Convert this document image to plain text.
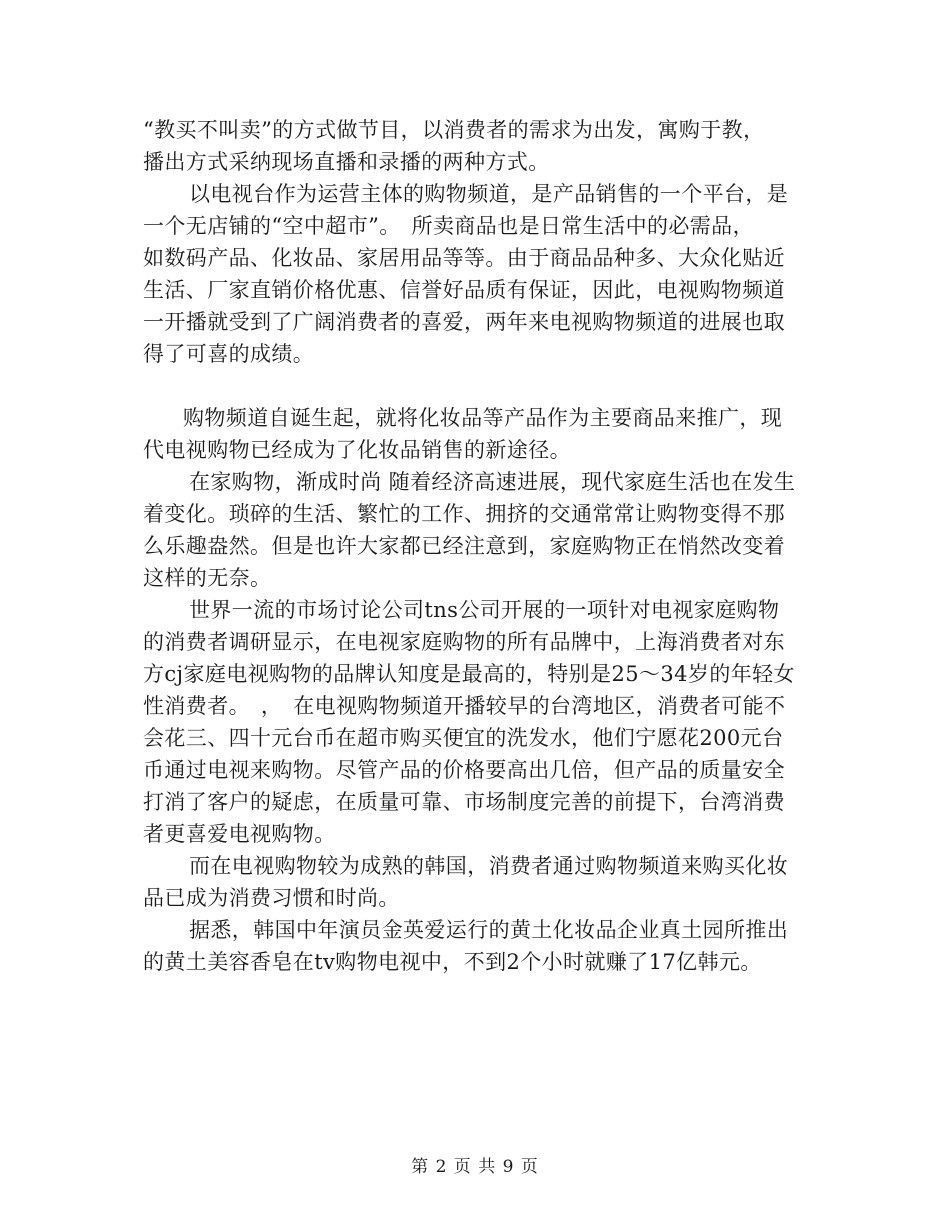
“教买不叫卖”的方式做节目，以消费者的需求为出发，寓购于教，
播出方式采纳现场直播和录播的两种方式。
以电视台作为运营主体的购物频道，是产品销售的一个平台，是
一个无店铺的“空中超市”。　所卖商品也是日常生活中的必需品，
如数码产品、化妆品、家居用品等等。由于商品品种多、大众化贴近
生活、厂家直销价格优惠、信誉好品质有保证，因此，电视购物频道
一开播就受到了广阔消费者的喜爱，两年来电视购物频道的进展也取
得了可喜的成绩。
购物频道自诞生起，就将化妆品等产品作为主要商品来推广，现
代电视购物已经成为了化妆品销售的新途径。
在家购物，渐成时尚 随着经济高速进展，现代家庭生活也在发生
着变化。琐碎的生活、繁忙的工作、拥挤的交通常常让购物变得不那
么乐趣盎然。但是也许大家都已经注意到，家庭购物正在悄然改变着
这样的无奈。
世界一流的市场讨论公司tns公司开展的一项针对电视家庭购物
的消费者调研显示，在电视家庭购物的所有品牌中，上海消费者对东
方cj家庭电视购物的品牌认知度是最高的，特别是25～34岁的年轻女
性消费者。　，　在电视购物频道开播较早的台湾地区，消费者可能不
会花三、四十元台币在超市购买便宜的洗发水，他们宁愿花200元台
币通过电视来购物。尽管产品的价格要高出几倍，但产品的质量安全
打消了客户的疑虑，在质量可靠、市场制度完善的前提下，台湾消费
者更喜爱电视购物。
而在电视购物较为成熟的韩国，消费者通过购物频道来购买化妆
品已成为消费习惯和时尚。
据悉，韩国中年演员金英爱运行的黄土化妆品企业真土园所推出
的黄土美容香皂在tv购物电视中，不到2个小时就赚了17亿韩元。
第 2 页 共 9 页
